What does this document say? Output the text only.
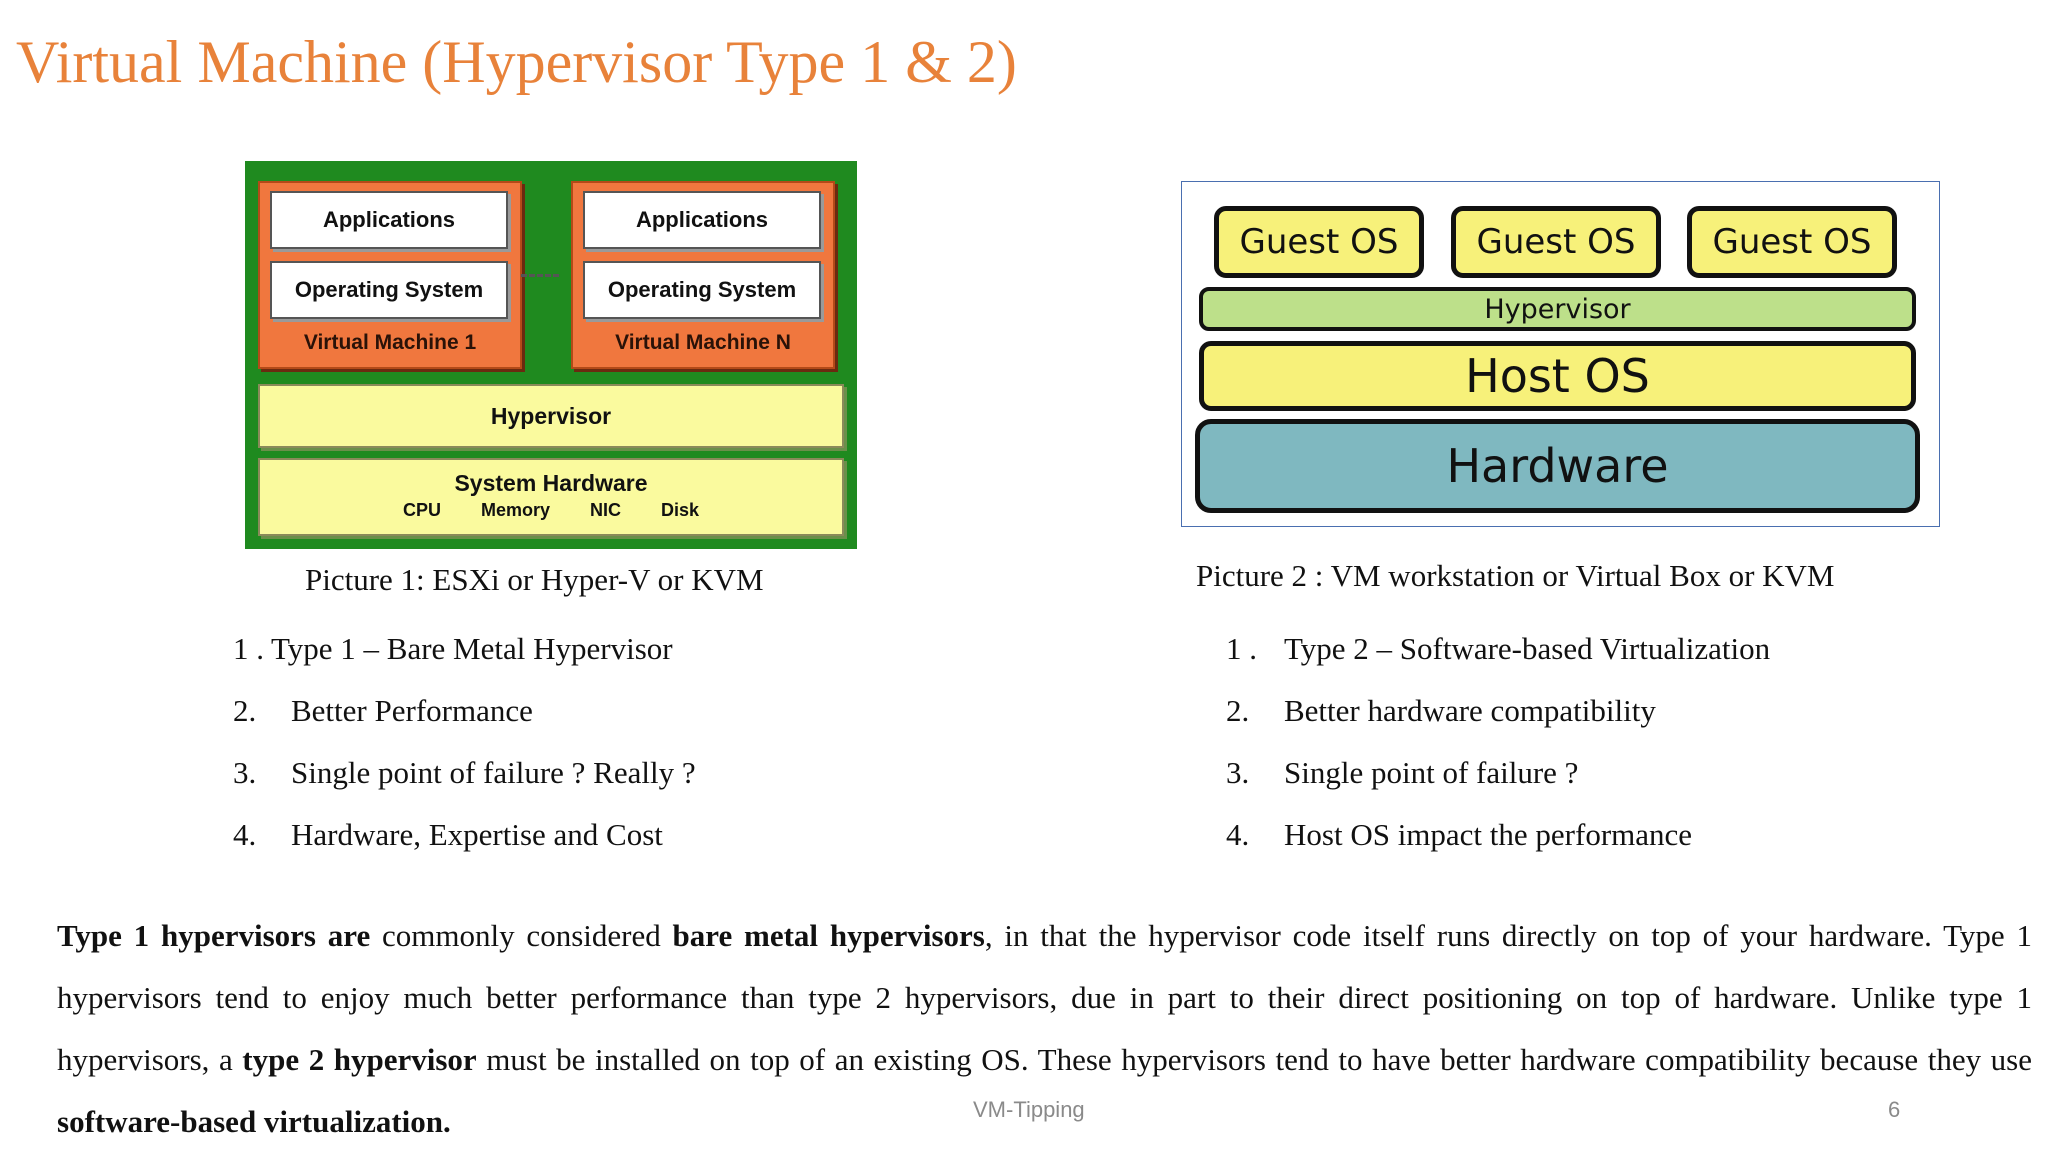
Virtual Machine (Hypervisor Type 1 & 2)
Applications
Operating System
Virtual Machine 1
Applications
Operating System
Virtual Machine N
Hypervisor
System Hardware
CPU Memory NIC Disk
Guest OS	Guest OS	Guest OS
Hypervisor
Host OS
Hardware
Picture 1: ESXi or Hyper-V or KVM	Picture 2 : VM workstation or Virtual Box or KVM
1 . Type 1 – Bare Metal Hypervisor
2. Better Performance
3. Single point of failure ? Really ?
4. Hardware, Expertise and Cost
1 . Type 2 – Software-based Virtualization
2. Better hardware compatibility
3. Single point of failure ?
4. Host OS impact the performance
Type 1 hypervisors are commonly considered bare metal hypervisors, in that the hypervisor code itself runs directly on top of your hardware. Type 1 hypervisors tend to enjoy much better performance than type 2 hypervisors, due in part to their direct positioning on top of hardware. Unlike type 1 hypervisors, a type 2 hypervisor must be installed on top of an existing OS. These hypervisors tend to have better hardware compatibility because they use software-based virtualization.	VM-Tipping	6
